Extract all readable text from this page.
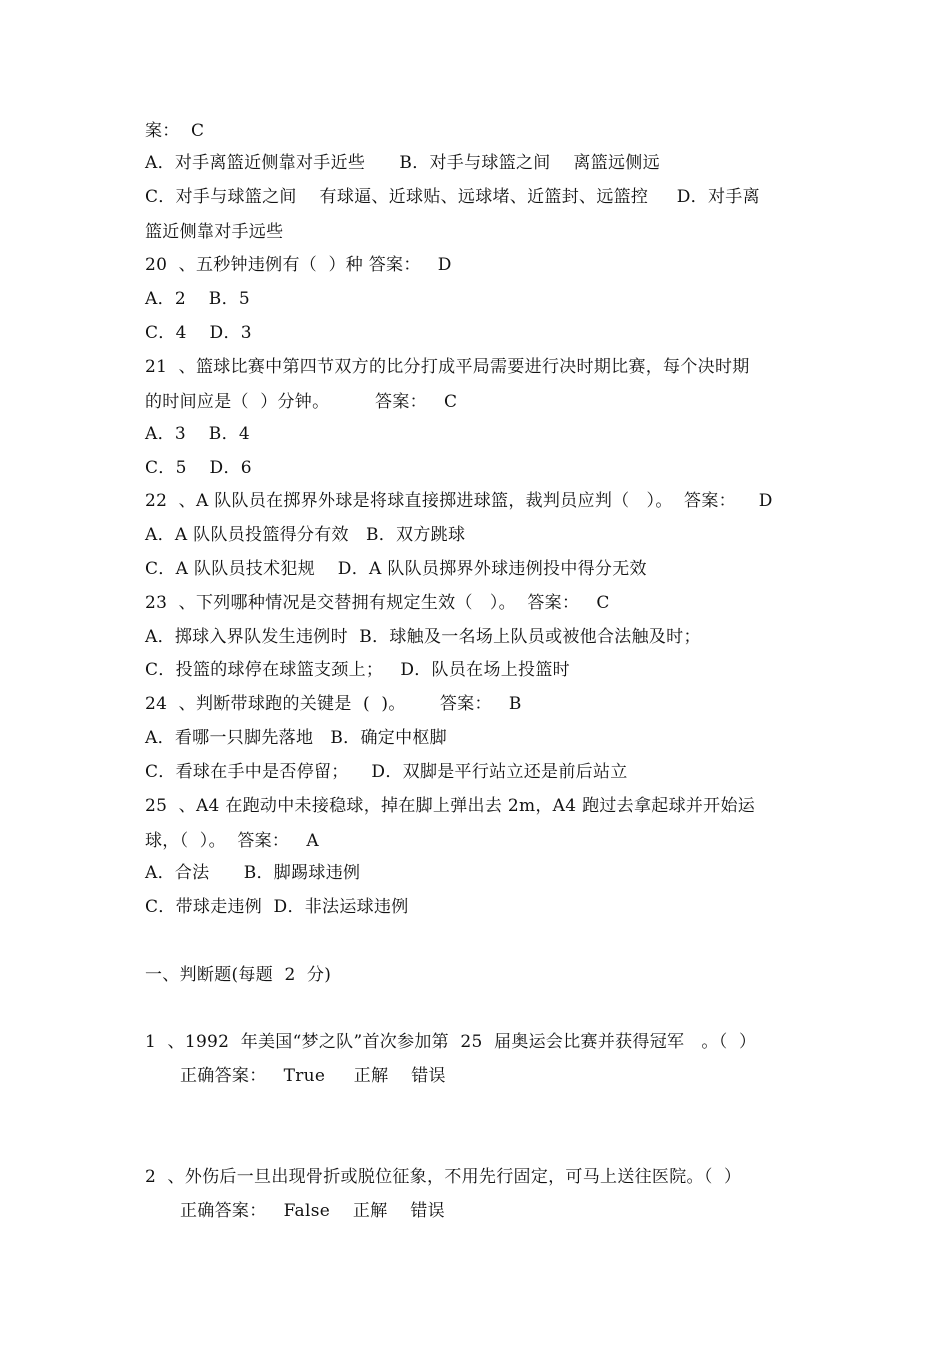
案：  C
A．对手离篮近侧靠对手近些      B．对手与球篮之间    离篮远侧远
C．对手与球篮之间    有球逼、近球贴、远球堵、近篮封、远篮控     D．对手离
篮近侧靠对手远些
20  、五秒钟违例有（  ）种 答案：   D
A．2    B．5
C．4    D．3
21  、篮球比赛中第四节双方的比分打成平局需要进行决时期比赛，每个决时期
的时间应是（  ）分钟。        答案：   C
A．3    B．4
C．5    D．6
22  、A 队队员在掷界外球是将球直接掷进球篮，裁判员应判（   ）。  答案：    D
A．A 队队员投篮得分有效   B．双方跳球
C．A 队队员技术犯规    D．A 队队员掷界外球违例投中得分无效
23  、下列哪种情况是交替拥有规定生效（   ）。  答案：   C
A．掷球入界队发生违例时  B．球触及一名场上队员或被他合法触及时；
C．投篮的球停在球篮支颈上；   D．队员在场上投篮时
24  、判断带球跑的关键是  (  )。      答案：   B
A．看哪一只脚先落地   B．确定中枢脚
C．看球在手中是否停留；    D．双脚是平行站立还是前后站立
25  、A4 在跑动中未接稳球，掉在脚上弹出去 2m，A4 跑过去拿起球并开始运
球，（  ）。  答案：   A
A．合法      B．脚踢球违例
C．带球走违例  D．非法运球违例
一、判断题(每题  2  分)
1  、1992  年美国“梦之队”首次参加第  25  届奥运会比赛并获得冠军   。（  ）
正确答案：   True     正解    错误
2  、外伤后一旦出现骨折或脱位征象，不用先行固定，可马上送往医院。（  ）
正确答案：   False    正解    错误
